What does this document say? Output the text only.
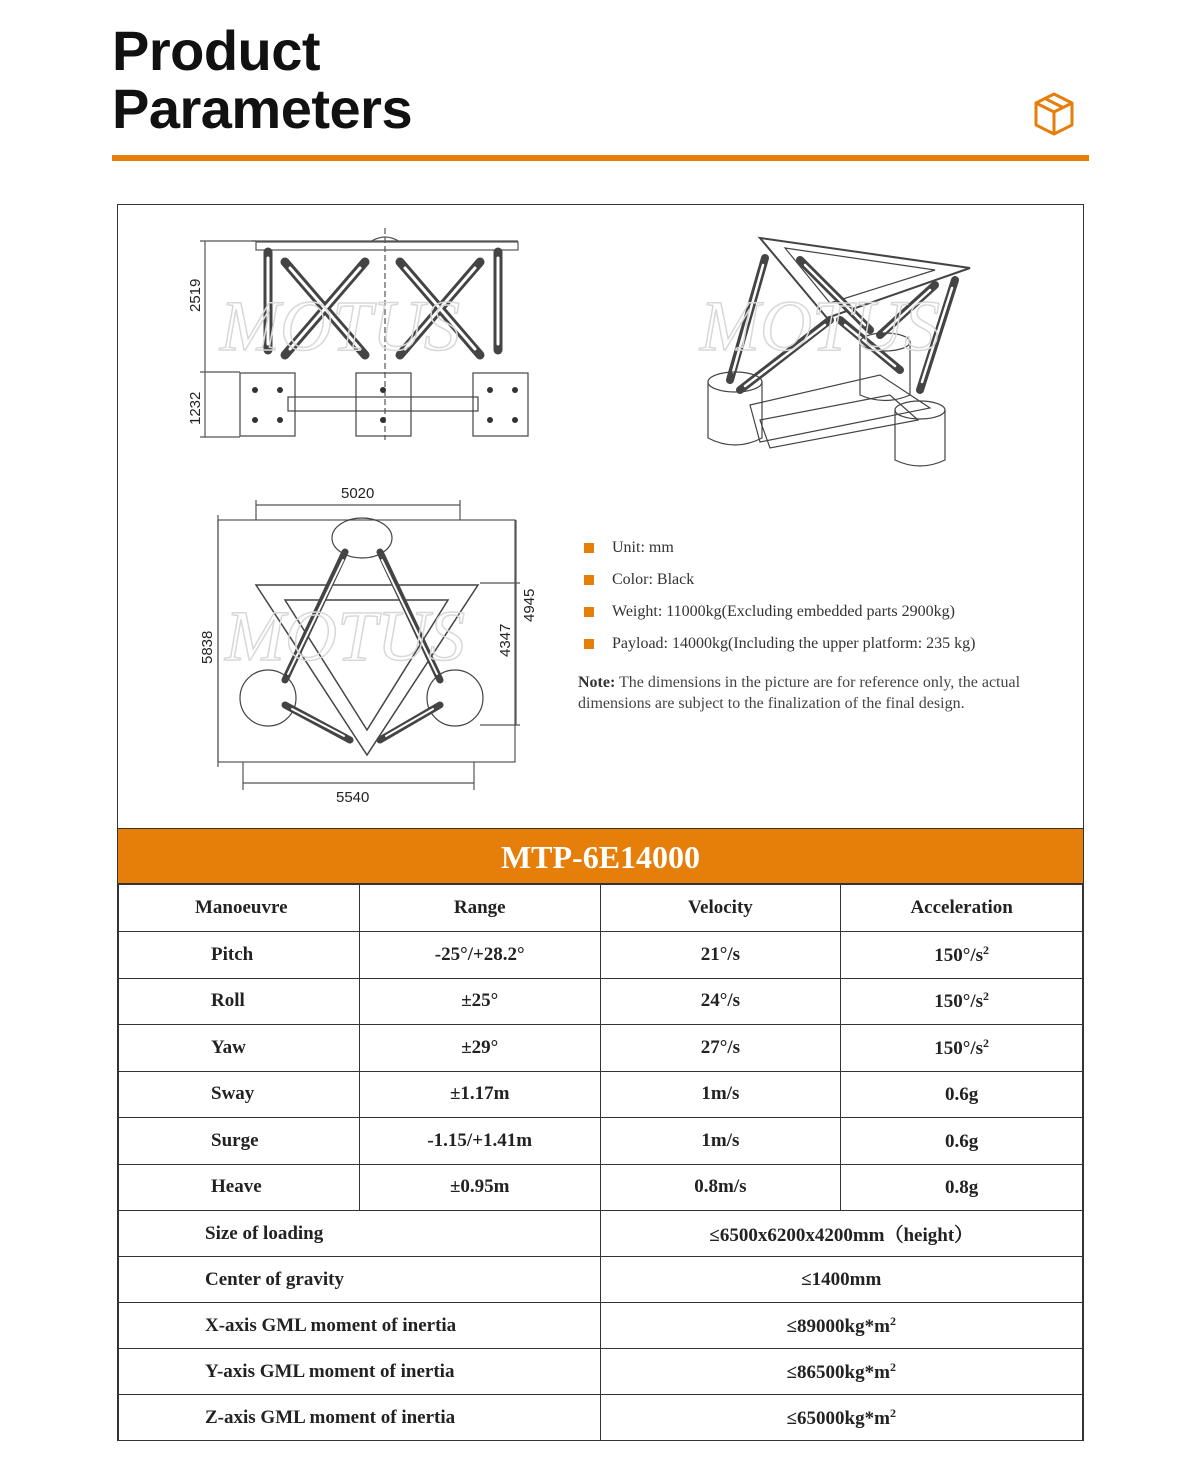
Product
Parameters
MOTUS	MOTUS
MOTUS
2519
1232
5020
5540
5838	4347
4945
Unit: mm
Color: Black
Weight: 11000kg(Excluding embedded parts 2900kg)
Payload: 14000kg(Including the upper platform: 235 kg)
Note: The dimensions in the picture are for reference only, the actual dimensions are subject to the finalization of the final design.
MTP-6E14000
Manoeuvre	Range	Velocity	Acceleration
Pitch	-25°/+28.2°	21°/s	$150^\circ/s^2$
Roll	±25°	24°/s	$150^\circ/s^2$
Yaw	±29°	27°/s	$150^\circ/s^2$
Sway	±1.17m	1m/s	0.6g
Surge	-1.15/+1.41m	1m/s	0.6g
Heave	±0.95m	0.8m/s	0.8g
Size of loading		≤6500x6200x4200mm（height）	
Center of gravity		≤1400mm	
X-axis GML moment of inertia		$\le 89000kg*m^2$
Y-axis GML moment of inertia		$\le 86500kg*m^2$
Z-axis GML moment of inertia		$\le 65000kg*m^2$
